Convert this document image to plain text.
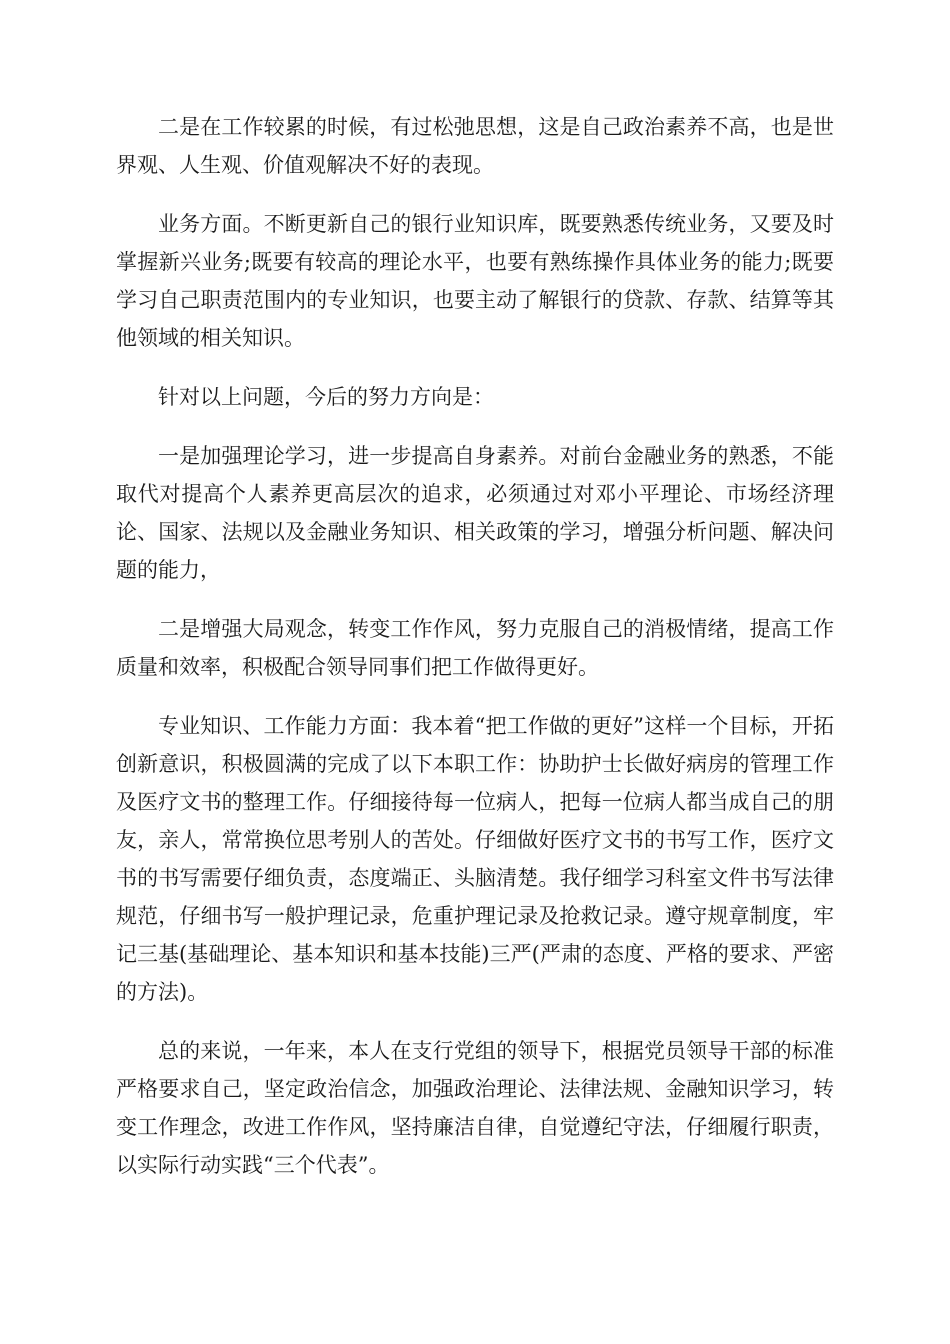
二是在工作较累的时候，有过松弛思想，这是自己政治素养不高，也是世界观、人生观、价值观解决不好的表现。

业务方面。不断更新自己的银行业知识库，既要熟悉传统业务，又要及时掌握新兴业务;既要有较高的理论水平，也要有熟练操作具体业务的能力;既要学习自己职责范围内的专业知识，也要主动了解银行的贷款、存款、结算等其他领域的相关知识。

针对以上问题，今后的努力方向是：

一是加强理论学习，进一步提高自身素养。对前台金融业务的熟悉，不能取代对提高个人素养更高层次的追求，必须通过对邓小平理论、市场经济理论、国家、法规以及金融业务知识、相关政策的学习，增强分析问题、解决问题的能力，

二是增强大局观念，转变工作作风，努力克服自己的消极情绪，提高工作质量和效率，积极配合领导同事们把工作做得更好。

专业知识、工作能力方面：我本着“把工作做的更好”这样一个目标，开拓创新意识，积极圆满的完成了以下本职工作：协助护士长做好病房的管理工作及医疗文书的整理工作。仔细接待每一位病人，把每一位病人都当成自己的朋友，亲人，常常换位思考别人的苦处。仔细做好医疗文书的书写工作，医疗文书的书写需要仔细负责，态度端正、头脑清楚。我仔细学习科室文件书写法律规范，仔细书写一般护理记录，危重护理记录及抢救记录。遵守规章制度，牢记三基(基础理论、基本知识和基本技能)三严(严肃的态度、严格的要求、严密的方法)。

总的来说，一年来，本人在支行党组的领导下，根据党员领导干部的标准严格要求自己，坚定政治信念，加强政治理论、法律法规、金融知识学习，转变工作理念，改进工作作风，坚持廉洁自律，自觉遵纪守法，仔细履行职责，以实际行动实践“三个代表”。
